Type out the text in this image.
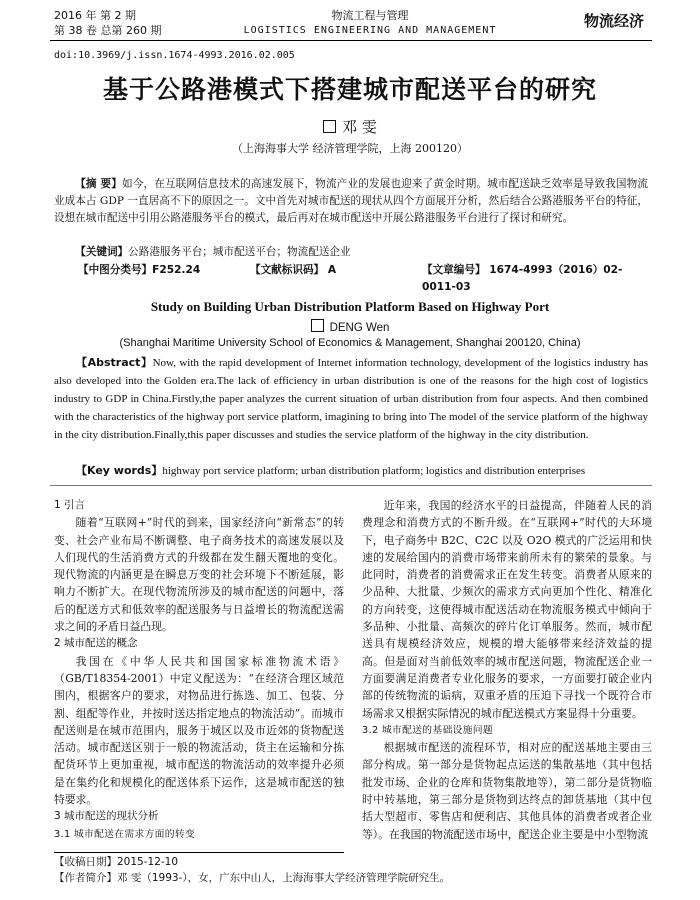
2016 年 第 2 期
第 38 卷 总第 260 期
物流工程与管理
LOGISTICS ENGINEERING AND MANAGEMENT
物流经济
doi:10.3969/j.issn.1674-4993.2016.02.005
基于公路港模式下搭建城市配送平台的研究
邓 雯
（上海海事大学 经济管理学院，上海 200120）
【摘 要】如今，在互联网信息技术的高速发展下，物流产业的发展也迎来了黄金时期。城市配送缺乏效率是导致我国物流业成本占 GDP 一直居高不下的原因之一。文中首先对城市配送的现状从四个方面展开分析，然后结合公路港服务平台的特征，设想在城市配送中引用公路港服务平台的模式，最后再对在城市配送中开展公路港服务平台进行了探讨和研究。
【关键词】公路港服务平台；城市配送平台；物流配送企业
【中图分类号】F252.24	【文献标识码】 A	【文章编号】 1674-4993（2016）02-0011-03
Study on Building Urban Distribution Platform Based on Highway Port
DENG Wen
(Shanghai Maritime University School of Economics & Management, Shanghai 200120, China)
【Abstract】Now, with the rapid development of Internet information technology, development of the logistics industry has also developed into the Golden era.The lack of efficiency in urban distribution is one of the reasons for the high cost of logistics industry to GDP in China.Firstly,the paper analyzes the current situation of urban distribution from four aspects. And then combined with the characteristics of the highway port service platform, imagining to bring into The model of the service platform of the highway in the city distribution.Finally,this paper discusses and studies the service platform of the highway in the city distribution.
【Key words】highway port service platform; urban distribution platform; logistics and distribution enterprises
1 引言

随着“互联网+”时代的到来，国家经济向“新常态”的转变、社会产业布局不断调整、电子商务技术的高速发展以及人们现代的生活消费方式的升级都在发生翻天覆地的变化。现代物流的内涵更是在瞬息万变的社会环境下不断延展，影响力不断扩大。在现代物流所涉及的城市配送的问题中，落后的配送方式和低效率的配送服务与日益增长的物流配送需求之间的矛盾日益凸现。

2 城市配送的概念

我国在《中华人民共和国国家标准物流术语》（GB/T18354-2001）中定义配送为：“在经济合理区域范围内，根据客户的要求，对物品进行拣选、加工、包装、分割、组配等作业，并按时送达指定地点的物流活动”。而城市配送则是在城市范围内，服务于城区以及市近郊的货物配送活动。城市配送区别于一般的物流活动，货主在运输和分拣配货环节上更加重视，城市配送的物流活动的效率提升必须是在集约化和规模化的配送体系下运作，这是城市配送的独特要求。

3 城市配送的现状分析
3.1 城市配送在需求方面的转变

近年来，我国的经济水平的日益提高，伴随着人民的消费理念和消费方式的不断升级。在“互联网+”时代的大环境下，电子商务中 B2C、C2C 以及 O2O 模式的广泛运用和快速的发展给国内的消费市场带来前所未有的繁荣的景象。与此同时，消费者的消费需求正在发生转变。消费者从原来的少品种、大批量、少频次的需求方式向更加个性化、精准化的方向转变，这使得城市配送活动在物流服务模式中倾向于多品种、小批量、高频次的碎片化订单服务。然而，城市配送具有规模经济效应，规模的增大能够带来经济效益的提高。但是面对当前低效率的城市配送问题，物流配送企业一方面要满足消费者专业化服务的要求，一方面要打破企业内部的传统物流的诟病，双重矛盾的压迫下寻找一个既符合市场需求又根据实际情况的城市配送模式方案显得十分重要。

3.2 城市配送的基础设施问题

根据城市配送的流程环节，相对应的配送基地主要由三部分构成。第一部分是货物起点运送的集散基地（其中包括批发市场、企业的仓库和货物集散地等），第二部分是货物临时中转基地，第三部分是货物到达终点的卸货基地（其中包括大型超市、零售店和便利店、其他具体的消费者或者企业等）。在我国的物流配送市场中，配送企业主要是中小型物流

【收稿日期】2015-12-10
【作者简介】邓 雯（1993-），女，广东中山人，上海海事大学经济管理学院研究生。
